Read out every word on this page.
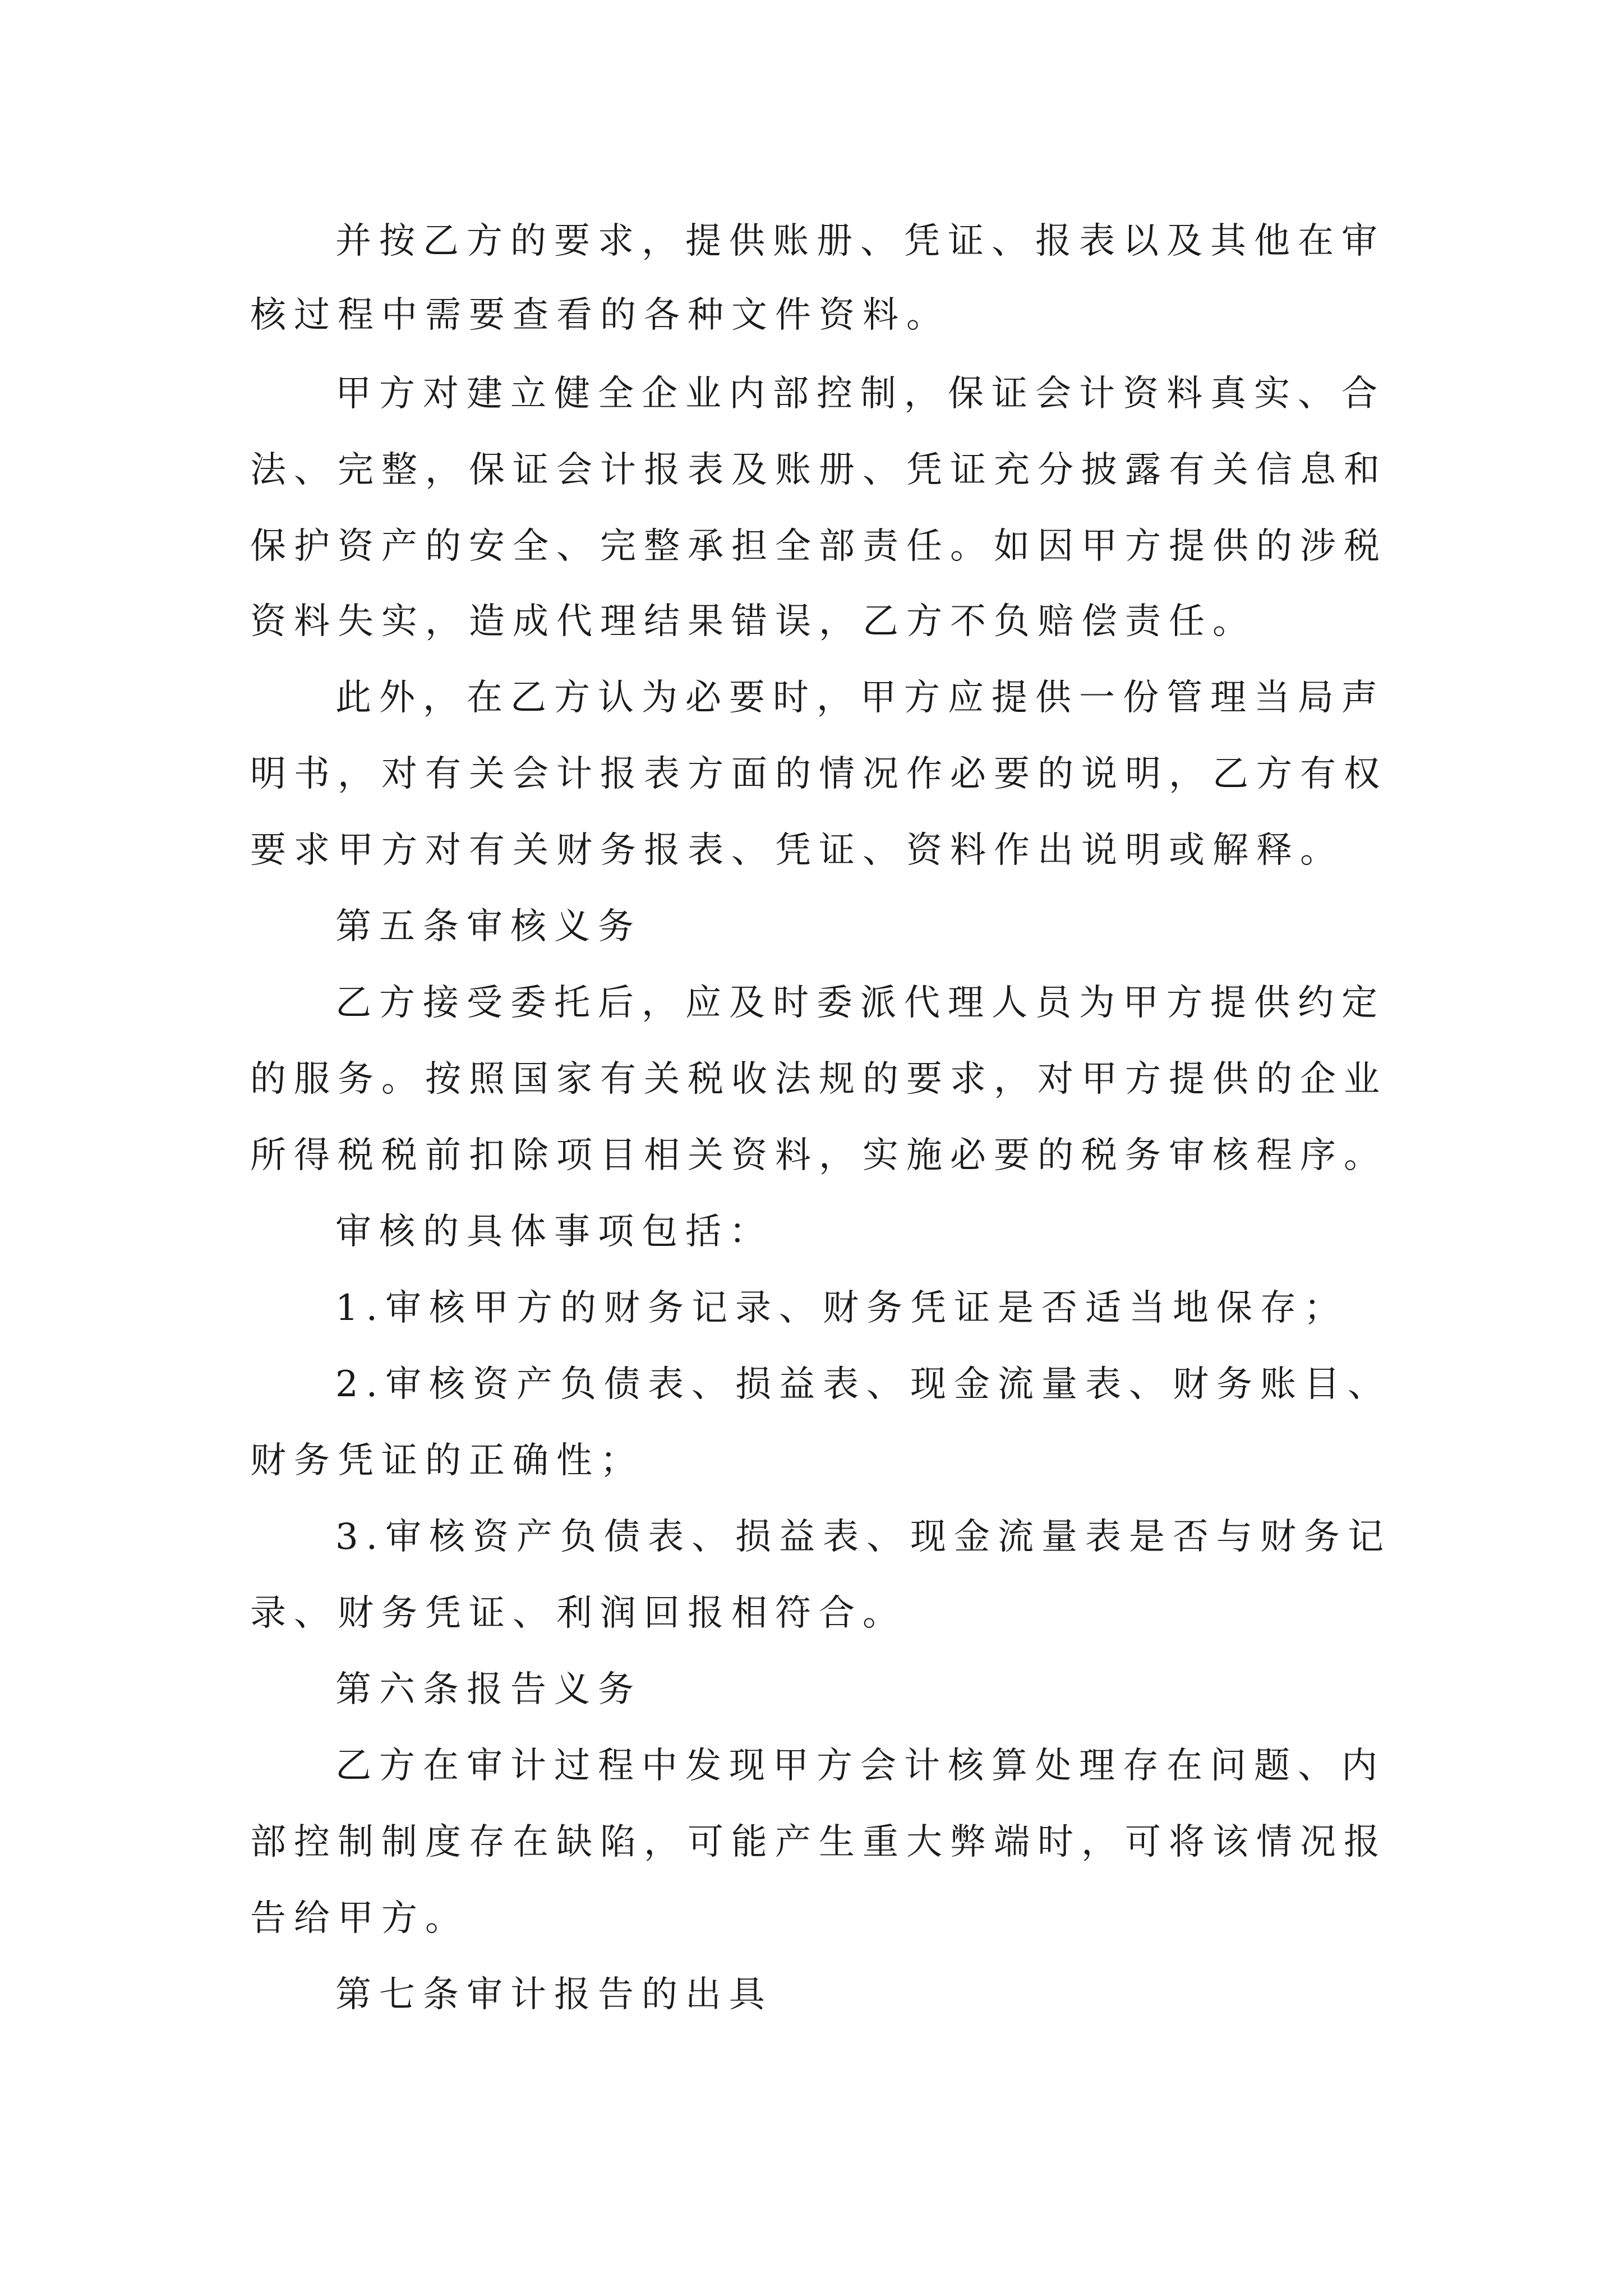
并按乙方的要求，提供账册、凭证、报表以及其他在审

核过程中需要查看的各种文件资料。

甲方对建立健全企业内部控制，保证会计资料真实、合

法、完整，保证会计报表及账册、凭证充分披露有关信息和

保护资产的安全、完整承担全部责任。如因甲方提供的涉税

资料失实，造成代理结果错误，乙方不负赔偿责任。

此外，在乙方认为必要时，甲方应提供一份管理当局声

明书，对有关会计报表方面的情况作必要的说明，乙方有权

要求甲方对有关财务报表、凭证、资料作出说明或解释。

第五条审核义务

乙方接受委托后，应及时委派代理人员为甲方提供约定

的服务。按照国家有关税收法规的要求，对甲方提供的企业

所得税税前扣除项目相关资料，实施必要的税务审核程序。

审核的具体事项包括：

1.审核甲方的财务记录、财务凭证是否适当地保存；

2.审核资产负债表、损益表、现金流量表、财务账目、

财务凭证的正确性；

3.审核资产负债表、损益表、现金流量表是否与财务记

录、财务凭证、利润回报相符合。

第六条报告义务

乙方在审计过程中发现甲方会计核算处理存在问题、内

部控制制度存在缺陷，可能产生重大弊端时，可将该情况报

告给甲方。

第七条审计报告的出具
